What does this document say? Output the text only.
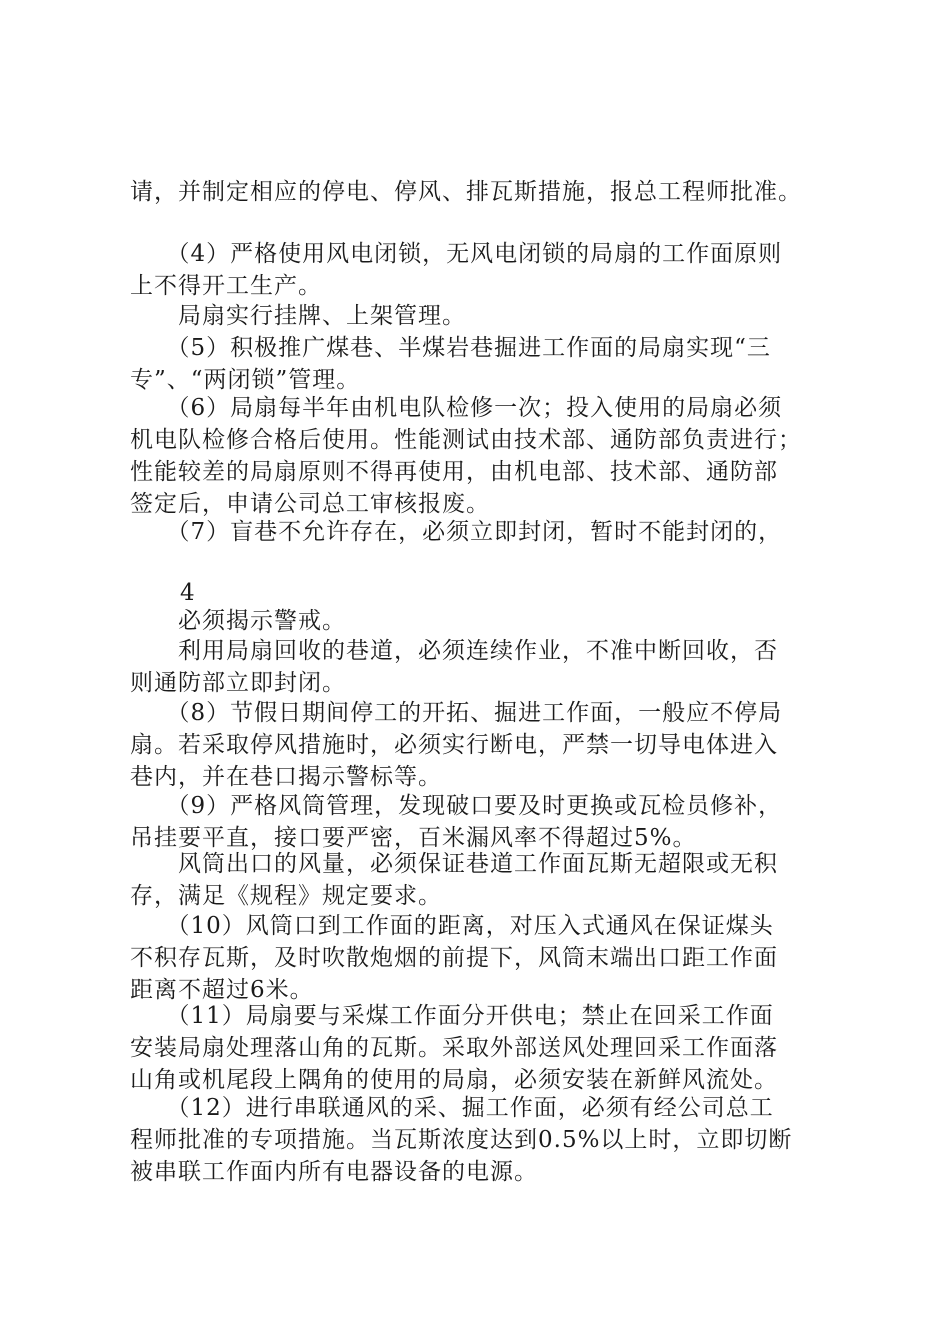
请，并制定相应的停电、停风、排瓦斯措施，报总工程师批准。
　　（4）严格使用风电闭锁，无风电闭锁的局扇的工作面原则
上不得开工生产。
　　局扇实行挂牌、上架管理。
　　（5）积极推广煤巷、半煤岩巷掘进工作面的局扇实现“三
专”、“两闭锁”管理。
　　（6）局扇每半年由机电队检修一次；投入使用的局扇必须
机电队检修合格后使用。性能测试由技术部、通防部负责进行；
性能较差的局扇原则不得再使用，由机电部、技术部、通防部
签定后，申请公司总工审核报废。
　　（7）盲巷不允许存在，必须立即封闭，暂时不能封闭的，
4
　　必须揭示警戒。
　　利用局扇回收的巷道，必须连续作业，不准中断回收，否
则通防部立即封闭。
　　（8）节假日期间停工的开拓、掘进工作面，一般应不停局
扇。若采取停风措施时，必须实行断电，严禁一切导电体进入
巷内，并在巷口揭示警标等。
　　（9）严格风筒管理，发现破口要及时更换或瓦检员修补，
吊挂要平直，接口要严密，百米漏风率不得超过5%。
　　风筒出口的风量，必须保证巷道工作面瓦斯无超限或无积
存，满足《规程》规定要求。
　　（10）风筒口到工作面的距离，对压入式通风在保证煤头
不积存瓦斯，及时吹散炮烟的前提下，风筒末端出口距工作面
距离不超过6米。
　　（11）局扇要与采煤工作面分开供电；禁止在回采工作面
安装局扇处理落山角的瓦斯。采取外部送风处理回采工作面落
山角或机尾段上隅角的使用的局扇，必须安装在新鲜风流处。
　　（12）进行串联通风的采、掘工作面，必须有经公司总工
程师批准的专项措施。当瓦斯浓度达到0.5%以上时，立即切断
被串联工作面内所有电器设备的电源。
